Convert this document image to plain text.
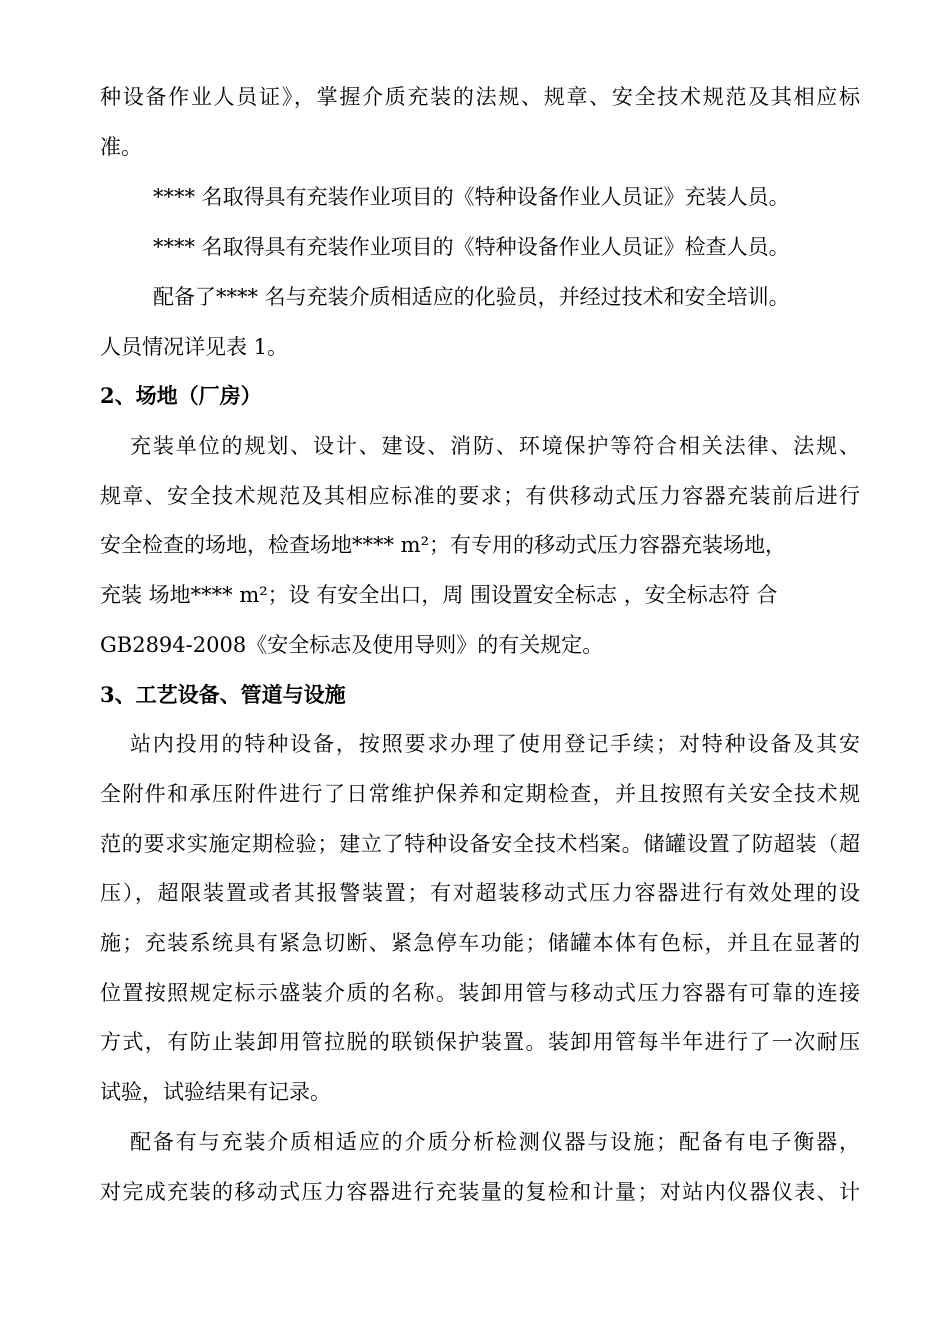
种设备作业人员证》，掌握介质充装的法规、规章、安全技术规范及其相应标
准。
**** 名取得具有充装作业项目的《特种设备作业人员证》充装人员。
**** 名取得具有充装作业项目的《特种设备作业人员证》检查人员。
配备了**** 名与充装介质相适应的化验员，并经过技术和安全培训。
人员情况详见表 1。
2、场地（厂房）
充装单位的规划、设计、建设、消防、环境保护等符合相关法律、法规、
规章、安全技术规范及其相应标准的要求；有供移动式压力容器充装前后进行
安全检查的场地，检查场地**** m²；有专用的移动式压力容器充装场地，
充装 场地**** m²；设 有安全出口，周 围设置安全标志 ，安全标志符 合
GB2894-2008《安全标志及使用导则》的有关规定。
3、工艺设备、管道与设施
站内投用的特种设备，按照要求办理了使用登记手续；对特种设备及其安
全附件和承压附件进行了日常维护保养和定期检查，并且按照有关安全技术规
范的要求实施定期检验；建立了特种设备安全技术档案。储罐设置了防超装（超
压），超限装置或者其报警装置；有对超装移动式压力容器进行有效处理的设
施；充装系统具有紧急切断、紧急停车功能；储罐本体有色标，并且在显著的
位置按照规定标示盛装介质的名称。装卸用管与移动式压力容器有可靠的连接
方式，有防止装卸用管拉脱的联锁保护装置。装卸用管每半年进行了一次耐压
试验，试验结果有记录。
配备有与充装介质相适应的介质分析检测仪器与设施；配备有电子衡器，
对完成充装的移动式压力容器进行充装量的复检和计量；对站内仪器仪表、计
